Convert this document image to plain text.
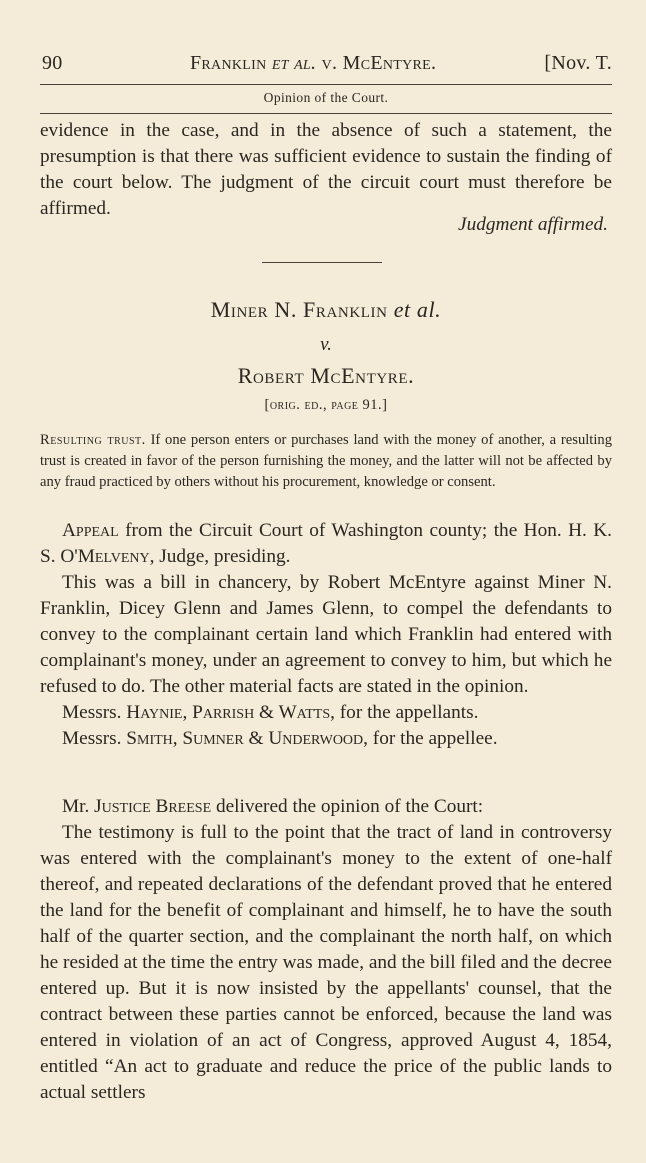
90	Franklin et al. v. McEntyre.	[Nov. T.
Opinion of the Court.

evidence in the case, and in the absence of such a statement, the presumption is that there was sufficient evidence to sustain the finding of the court below. The judgment of the circuit court must therefore be affirmed.

Judgment affirmed.
Miner N. Franklin et al.
v.
Robert McEntyre.
[orig. ed., page 91.]

Resulting trust. If one person enters or purchases land with the money of another, a resulting trust is created in favor of the person furnishing the money, and the latter will not be affected by any fraud practiced by others without his procurement, knowledge or consent.

Appeal from the Circuit Court of Washington county; the Hon. H. K. S. O'Melveny, Judge, presiding.

This was a bill in chancery, by Robert McEntyre against Miner N. Franklin, Dicey Glenn and James Glenn, to compel the defendants to convey to the complainant certain land which Franklin had entered with complainant's money, under an agreement to convey to him, but which he refused to do. The other material facts are stated in the opinion.

Messrs. Haynie, Parrish & Watts, for the appellants.

Messrs. Smith, Sumner & Underwood, for the appellee.

Mr. Justice Breese delivered the opinion of the Court:

The testimony is full to the point that the tract of land in controversy was entered with the complainant's money to the extent of one-half thereof, and repeated declarations of the defendant proved that he entered the land for the benefit of complainant and himself, he to have the south half of the quarter section, and the complainant the north half, on which he resided at the time the entry was made, and the bill filed and the decree entered up. But it is now insisted by the appellants' counsel, that the contract between these parties cannot be enforced, because the land was entered in violation of an act of Congress, approved August 4, 1854, entitled “An act to graduate and reduce the price of the public lands to actual settlers
